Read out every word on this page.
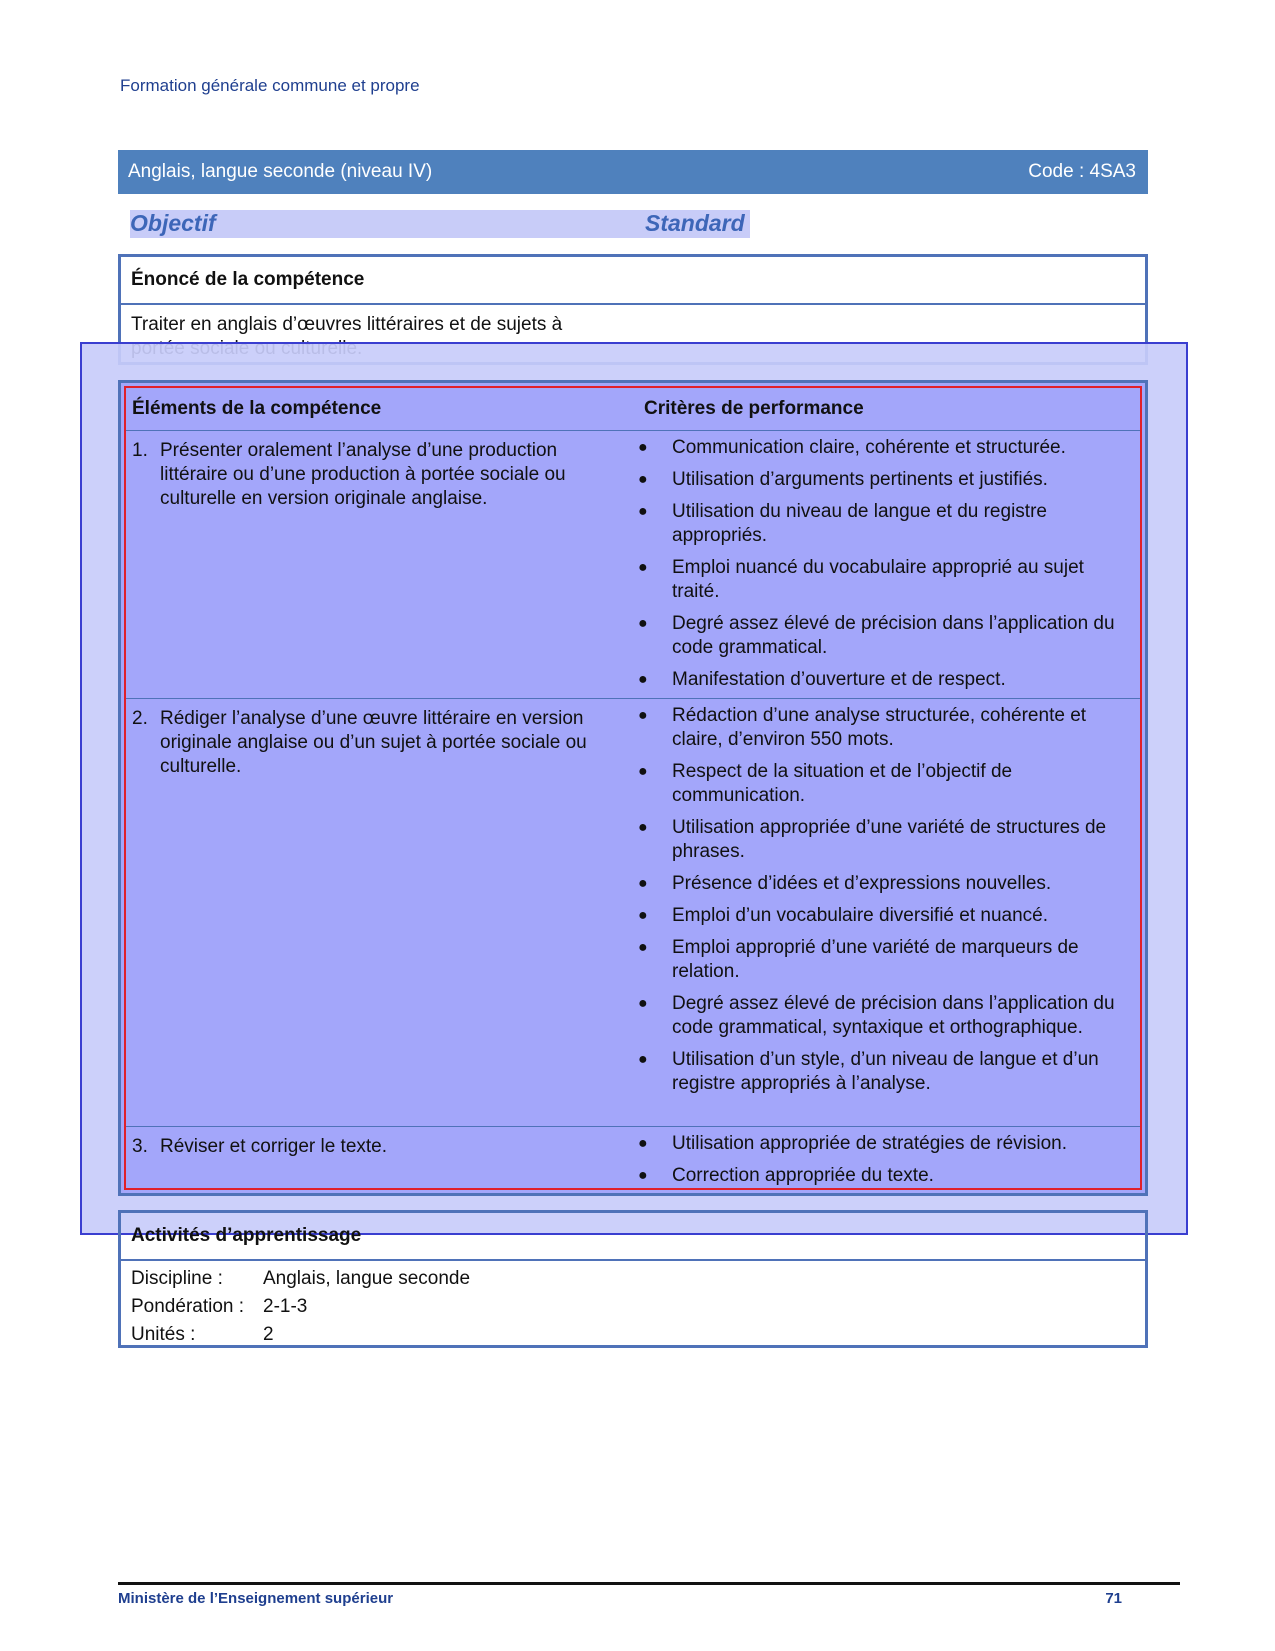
Formation générale commune et propre
Anglais, langue seconde (niveau IV)	Code : 4SA3
Objectif	Standard
Énoncé de la compétence
Traiter en anglais d’œuvres littéraires et de sujets à
Éléments de la compétence	Critères de performance
1. Présenter oralement l’analyse d’une production littéraire ou d’une production à portée sociale ou culturelle en version originale anglaise.
●	Communication claire, cohérente et structurée.
●	Utilisation d’arguments pertinents et justifiés.
●	Utilisation du niveau de langue et du registre appropriés.
●	Emploi nuancé du vocabulaire approprié au sujet traité.
●	Degré assez élevé de précision dans l’application du code grammatical.
●	Manifestation d’ouverture et de respect.
2. Rédiger l’analyse d’une œuvre littéraire en version originale anglaise ou d’un sujet à portée sociale ou culturelle.
●	Rédaction d’une analyse structurée, cohérente et claire, d’environ 550 mots.
●	Respect de la situation et de l’objectif de communication.
●	Utilisation appropriée d’une variété de structures de phrases.
●	Présence d’idées et d’expressions nouvelles.
●	Emploi d’un vocabulaire diversifié et nuancé.
●	Emploi approprié d’une variété de marqueurs de relation.
●	Degré assez élevé de précision dans l’application du code grammatical, syntaxique et orthographique.
●	Utilisation d’un style, d’un niveau de langue et d’un registre appropriés à l’analyse.
3. Réviser et corriger le texte.	●	Utilisation appropriée de stratégies de révision.
●	Correction appropriée du texte.
Activités d’apprentissage
Discipline : Anglais, langue seconde
Pondération : 2-1-3
Unités :	2
Ministère de l’Enseignement supérieur	71
